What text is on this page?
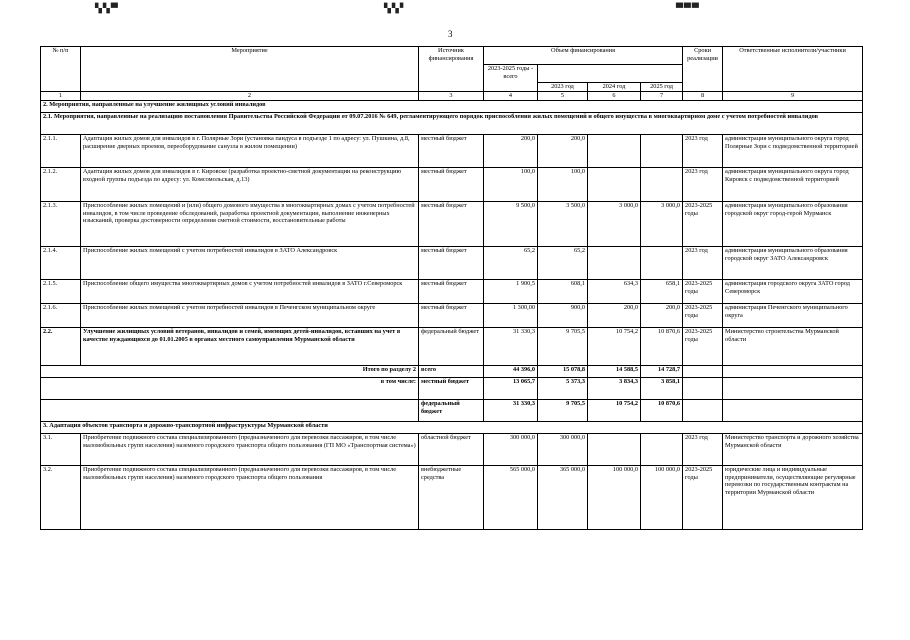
▚▚▀	▚▚▘	▀▀▀
3
№ п/п	Мероприятие	Источник финансирования	Объем финансирования				Сроки реализации	Ответственные исполнители/участники
			2023-2025 годы - всего					
				2023 год	2024 год	2025 год		
1	2	3	4	5	6	7	8	9
2. Мероприятия, направленные на улучшение жилищных условий инвалидов								
2.1. Мероприятия, направленные на реализацию постановления Правительства Российской Федерации от 09.07.2016 № 649, регламентирующего порядок приспособления жилых помещений и общего имущества в многоквартирном доме с учетом потребностей инвалидов								
2.1.1.	Адаптация жилых домов для инвалидов в г. Полярные Зори (установка пандуса в подъезде 1 по адресу: ул. Пушкина, д.8, расширение дверных проемов, переоборудование санузла в жилом помещении)	местный бюджет	200,0	200,0			2023 год	администрация муниципального округа город Полярные Зори с подведомственной территорией
2.1.2.	Адаптация жилых домов для инвалидов в г. Кировске (разработка проектно-сметной документации на реконструкцию входной группы подъезда по адресу: ул. Комсомольская, д.13)	местный бюджет	100,0	100,0			2023 год	администрация муниципального округа город Кировск с подведомственной территорией
2.1.3.	Приспособление жилых помещений и (или) общего домового имущества в многоквартирных домах с учетом потребностей инвалидов, в том числе проведение обследований, разработка проектной документации, выполнение инженерных изысканий, проверка достоверности определения сметной стоимости, восстановительные работы	местный бюджет	9 500,0	3 500,0	3 000,0	3 000,0	2023-2025 годы	администрация муниципального образования городской округ город-герой Мурманск
2.1.4.	Приспособление жилых помещений с учетом потребностей инвалидов в ЗАТО Александровск	местный бюджет	65,2	65,2			2023 год	администрация муниципального образования городской округ ЗАТО Александровск
2.1.5.	Приспособление общего имущества многоквартирных домов с учетом потребностей инвалидов в ЗАТО г.Североморск	местный бюджет	1 900,5	608,1	634,3	658,1	2023-2025 годы	администрация городского округа ЗАТО город Североморск
2.1.6.	Приспособление жилых помещений с учетом потребностей инвалидов в Печенгском муниципальном округе	местный бюджет	1 300,00	900,0	200,0	200,0	2023-2025 годы	администрация Печенгского муниципального округа
2.2.	Улучшение жилищных условий ветеранов, инвалидов и семей, имеющих детей-инвалидов, вставших на учет в качестве нуждающихся до 01.01.2005 в органах местного самоуправления Мурманской области	федеральный бюджет	31 330,3	9 705,5	10 754,2	10 870,6	2023-2025 годы	Министерство строительства Мурманской области
Итого по разделу 2		всего	44 396,0	15 078,8	14 588,5	14 728,7		
в том числе:		местный бюджет	13 065,7	5 373,3	3 834,3	3 858,1		
		федеральный бюджет	31 330,3	9 705,5	10 754,2	10 870,6		
3. Адаптация объектов транспорта и дорожно-транспортной инфраструктуры Мурманской области								
3.1.	Приобретение подвижного состава специализированного (предназначенного для перевозки пассажиров, в том числе маломобильных групп населения) наземного городского транспорта общего пользования (ГП МО «Транспортная система»)	областной бюджет	300 000,0	300 000,0			2023 год	Министерство транспорта и дорожного хозяйства Мурманской области
3.2.	Приобретение подвижного состава специализированного (предназначенного для перевозки пассажиров, в том числе маломобильных групп населения) наземного городского транспорта общего пользования	внебюджетные средства	565 000,0	365 000,0	100 000,0	100 000,0	2023-2025 годы	юридические лица и индивидуальные предприниматели, осуществляющие регулярные перевозки по государственным контрактам на территории Мурманской области
